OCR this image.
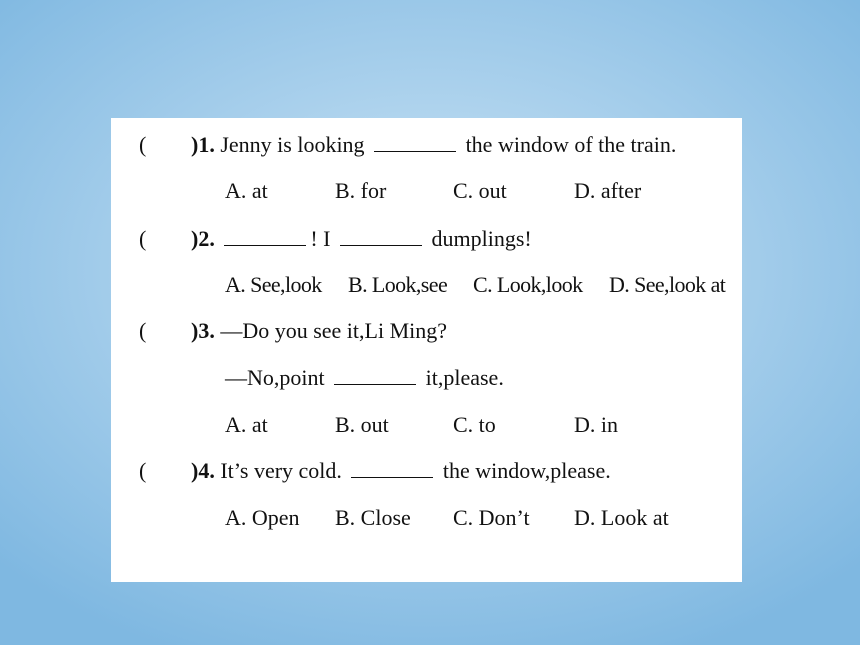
( )1. Jenny is looking	the window of the train.
A. at	B. for	C. out	D. after
( )2.	! I	dumplings!
A. See,look B. Look,see C. Look,look D. See,look at
( )3. —Do you see it,Li Ming?
—No,point	it,please.
A. at	B. out	C. to	D. in
( )4. It’s very cold.	the window,please.
A. Open B. Close C. Don’t D. Look at
